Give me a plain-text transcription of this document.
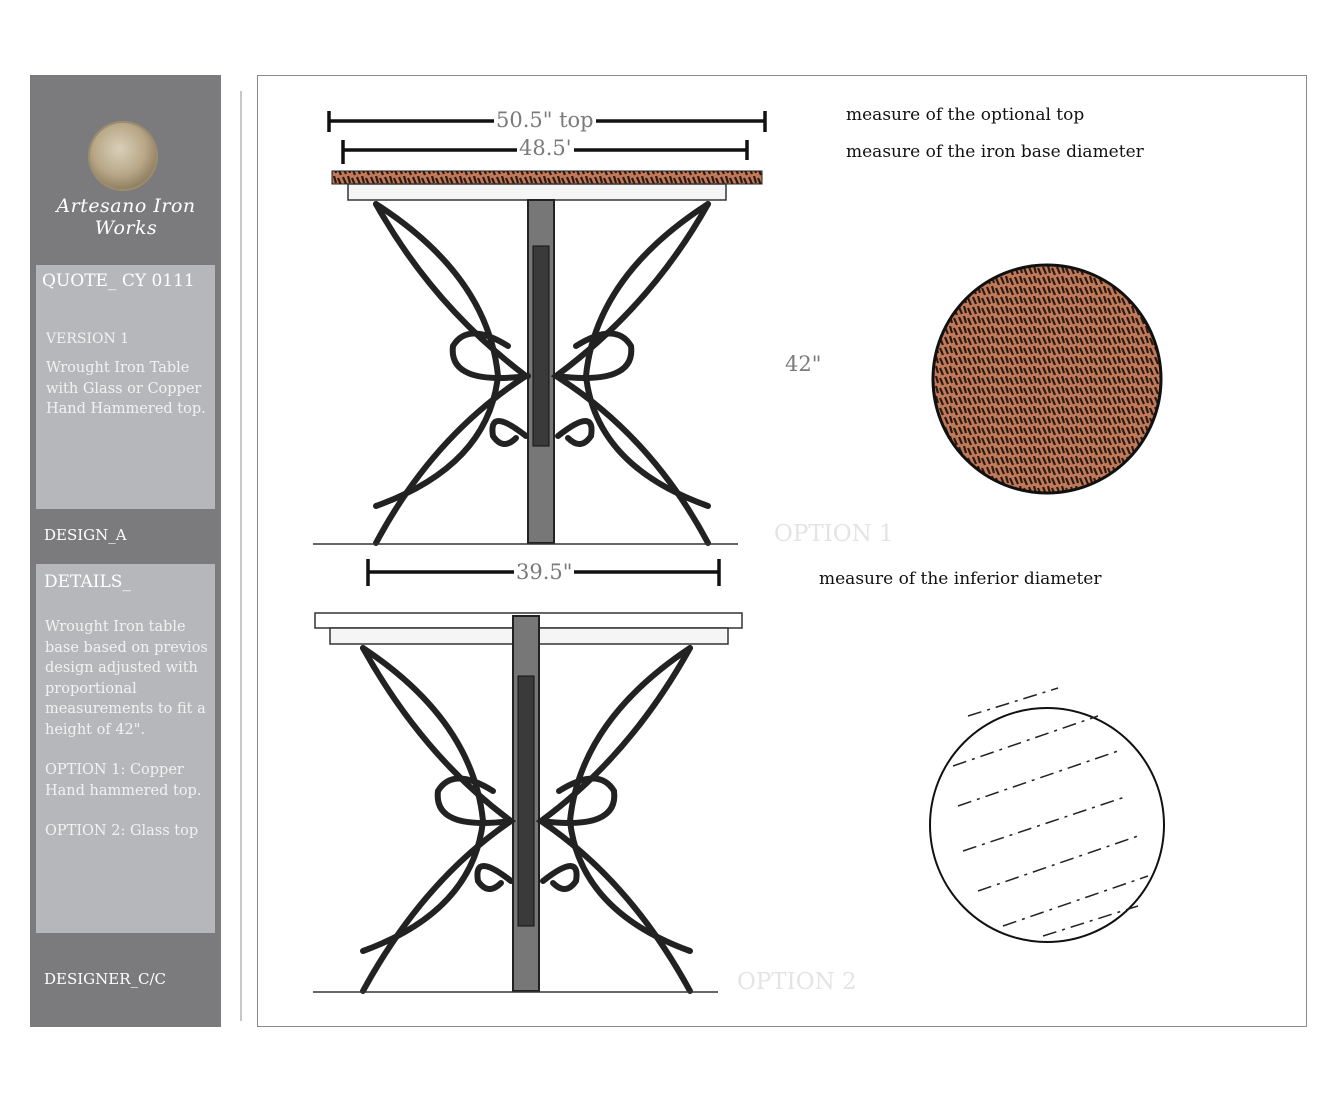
Artesano Iron Works
QUOTE_ CY 0111
VERSION 1
Wrought Iron Table with Glass or Copper Hand Hammered top.
DESIGN_A
DETAILS_

Wrought Iron table base based on previos design adjusted with proportional measurements to fit a height of 42".

OPTION 1: Copper Hand hammered top.

OPTION 2: Glass top

DESIGNER_C/C
50.5" top
48.5'
39.5"
42"
measure of the optional top
measure of the iron base diameter
measure of the inferior diameter
OPTION 1
OPTION 2
